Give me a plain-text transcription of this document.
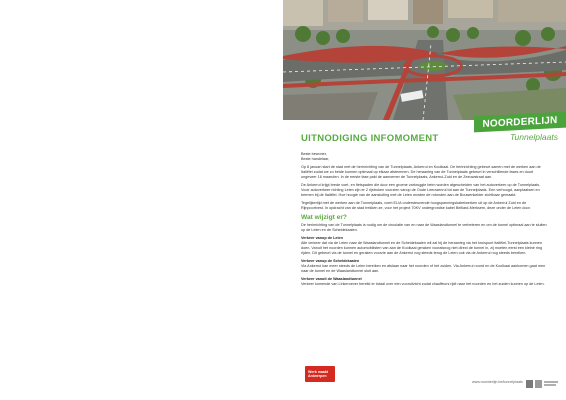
NOORDERLIJN
Tunnelplaats
UITNODIGING INFOMOMENT

Beste bewoner,

Beste handelaar,

Op 8 januari start de stad met de herinrichting van de Tunnelplaats, Ankerrui en Koolkaai. De herinrichting gebeurt samen met de werken aan de Italiëlei zodat we zo beide kunnen optimaal op elkaar afstemmen. De heraanleg van de Tunnelplaats gebeurt in verschillende fases en duurt ongeveer 16 maanden. In de eerste fase pakt de aannemer de Tunnelplaats, Ankerrui-Zuid en de Zeeuwstraat aan.

De Ankerrui krijgt brede voet- en fietspaden die door een groene varkruggle beim worden afgescheiden van het autoverkeer op de Tunnelplaats. Vooir autoverkeer richting Leien zijn er 2 rijstroken voorzien vanop de Oude Leeuwenrui tot aan de Tunnelplaats. Een verhoogd, aanplaatsen en bermen bij de Italiëlei. Hoe hoogte van de aansluiting met de Leien worden de rotonden aan de Bouwenkelder zichtbaar gemaakt.

Tegelijkertijd met de werken aan de Tunnelplaats, voert ELIA ondersteunende hoogspanningskabelwerken uit op de Ankerrui Zuid en de Rijnpoortvest. In opdracht van de stad trekken ze, voor het project 70KV ondergrondse kabel Belliard-Merksem, deze onder de Leien door.

Wat wijzigt er?

De herinrichting van de Tunnelplaats is nodig om de circulatie van en naar de Waaslandtunnel te verbeteren en om de tunnel optimaal aan te sluiten op de Leien en de Scheldekaaien.

Verkeer vanop de Leien

Alle verkeer dat via de Leien naar de Waaslandtunnel en de Scheldekaaien wil zal bij de heraanleg via het kruispunt Italiëlei-Tunnelplaats kunnen doen. Vanuit het noorden kunnen automobilisten van aan de Koolkaai geraken vooralsnog niet direct de tunnel in, zij moeten eerst een kleine ring rijden. Dit gebeurt via de tunnel en geraken voorzie aan de Ankerrui nog steeds terug de Leien ook via de Ankerrui nog steeds bereiken.

Verkeer vanop de Scheldekaaien

Via Ankerrui kan meer steeds de Leien bereiken en afslaan naar het noorden of het zuiden. Via Ankerrui noord en de Koolkaai aankomen gaat men naar de tunnel en de Waaslandtunnel sluit aan.

Verkeer vanuit de Waaslandtunnel

Verkeer komende van Linkeroever bereikt er totaal over een vooruitzicht zodat chauffeurs rijdt naar het noorden en het zuiden kunnen op de Leien.

Werk maakt
Antwerpen
www.noorderlijn.be/tunnelplaats
